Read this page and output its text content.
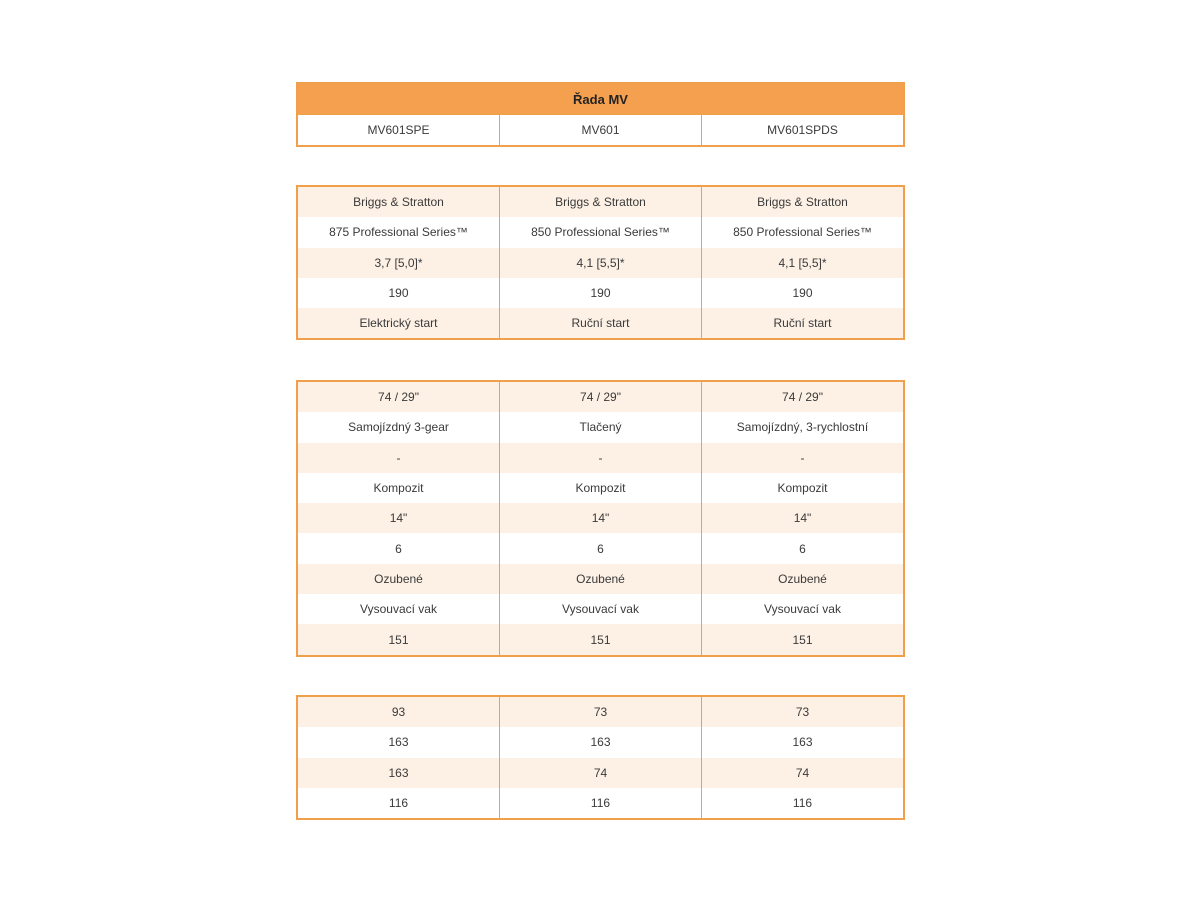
Řada MV
MV601SPE	MV601	MV601SPDS
Briggs & Stratton	Briggs & Stratton	Briggs & Stratton
875 Professional Series™	850 Professional Series™	850 Professional Series™
3,7 [5,0]*	4,1 [5,5]*	4,1 [5,5]*
190	190	190
Elektrický start	Ruční start	Ruční start
74 / 29"	74 / 29"	74 / 29"
Samojízdný 3-gear	Tlačený	Samojízdný, 3-rychlostní
-	-	-
Kompozit	Kompozit	Kompozit
14"	14"	14"
6	6	6
Ozubené	Ozubené	Ozubené
Vysouvací vak	Vysouvací vak	Vysouvací vak
151	151	151
93	73	73
163	163	163
163	74	74
116	116	116
